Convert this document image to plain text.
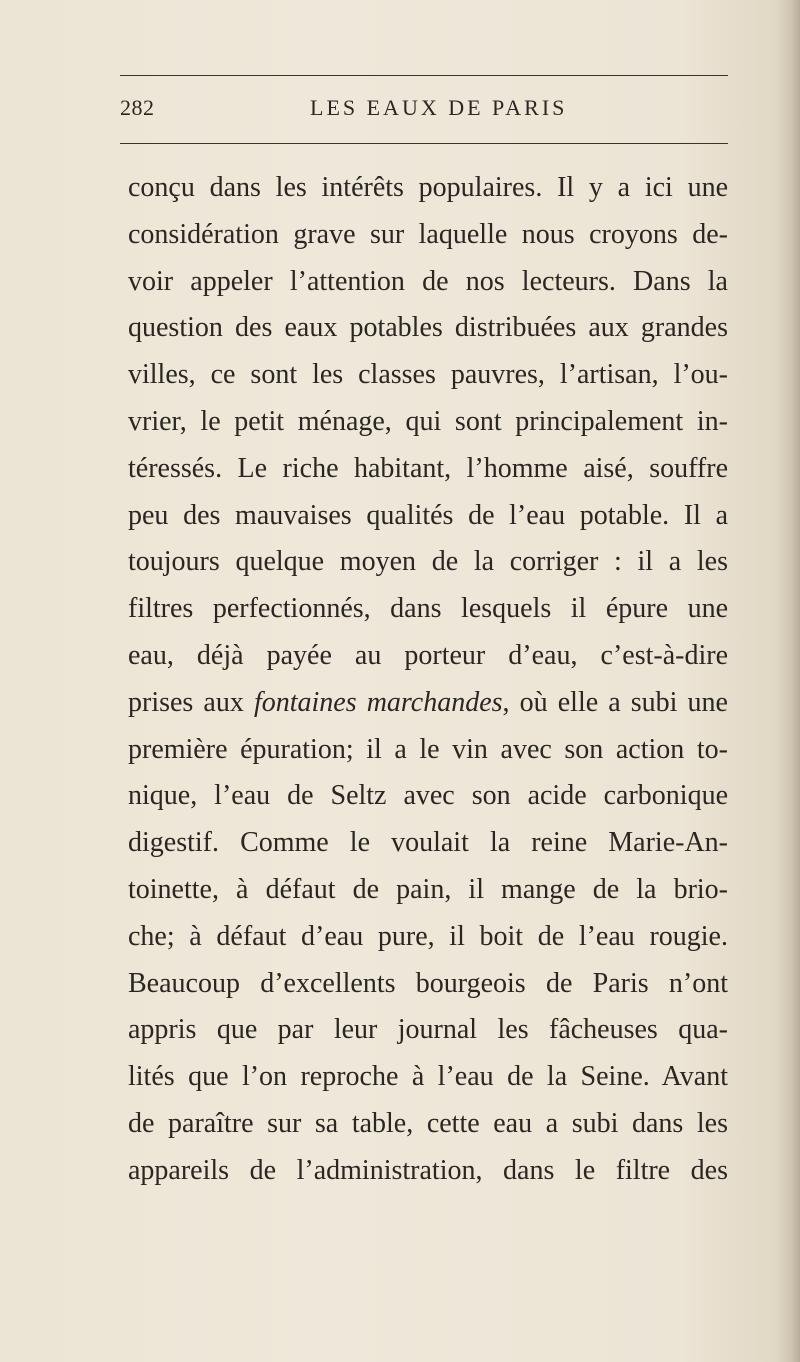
282	LES EAUX DE PARIS
conçu dans les intérêts populaires. Il y a ici une
considération grave sur laquelle nous croyons de-
voir appeler l’attention de nos lecteurs. Dans la
question des eaux potables distribuées aux grandes
villes, ce sont les classes pauvres, l’artisan, l’ou-
vrier, le petit ménage, qui sont principalement in-
téressés. Le riche habitant, l’homme aisé, souffre
peu des mauvaises qualités de l’eau potable. Il a
toujours quelque moyen de la corriger : il a les
filtres perfectionnés, dans lesquels il épure une
eau, déjà payée au porteur d’eau, c’est-à-dire
prises aux fontaines marchandes, où elle a subi une
première épuration; il a le vin avec son action to-
nique, l’eau de Seltz avec son acide carbonique
digestif. Comme le voulait la reine Marie-An-
toinette, à défaut de pain, il mange de la brio-
che; à défaut d’eau pure, il boit de l’eau rougie.
Beaucoup d’excellents bourgeois de Paris n’ont
appris que par leur journal les fâcheuses qua-
lités que l’on reproche à l’eau de la Seine. Avant
de paraître sur sa table, cette eau a subi dans les
appareils de l’administration, dans le filtre des
